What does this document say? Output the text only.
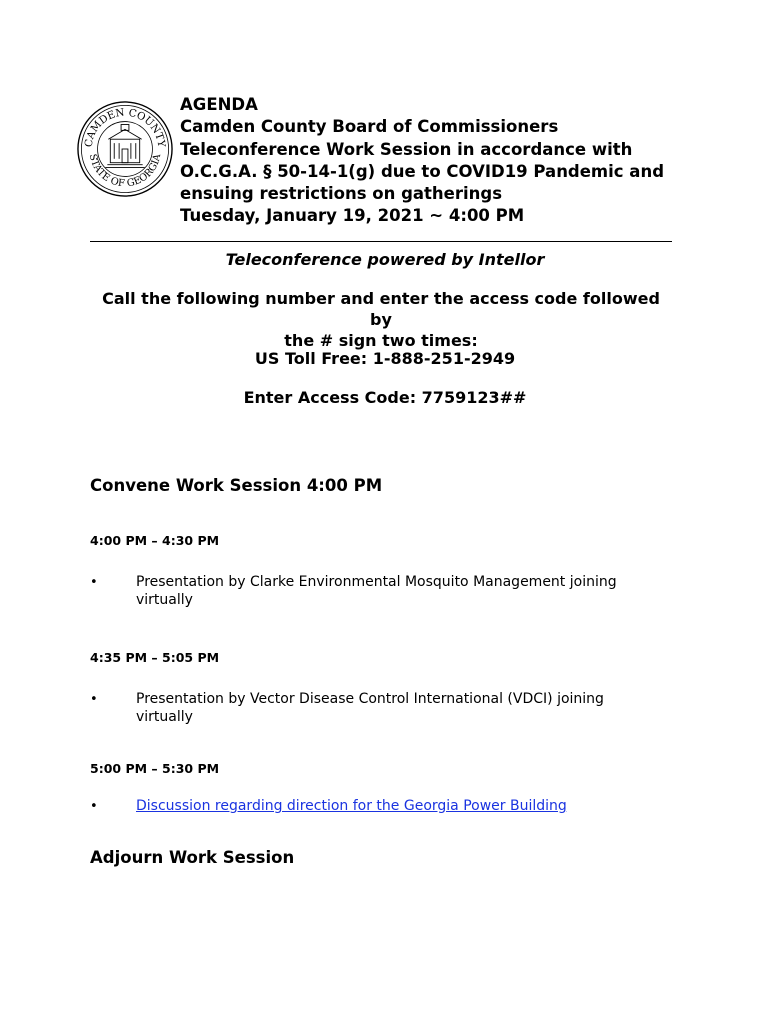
CAMDEN COUNTY
STATE OF GEORGIA
AGENDA
Camden County Board of Commissioners
Teleconference Work Session in accordance with
O.C.G.A. § 50-14-1(g) due to COVID19 Pandemic and
ensuing restrictions on gatherings
Tuesday, January 19, 2021 ~ 4:00 PM
Teleconference powered by Intellor
Call the following number and enter the access code followed by
the # sign two times:
US Toll Free: 1-888-251-2949
Enter Access Code: 7759123##
Convene Work Session 4:00 PM
4:00 PM – 4:30 PM
•	Presentation by Clarke Environmental Mosquito Management joining
virtually
4:35 PM – 5:05 PM
•	Presentation by Vector Disease Control International (VDCI) joining
virtually
5:00 PM – 5:30 PM
•	Discussion regarding direction for the Georgia Power Building
Adjourn Work Session
